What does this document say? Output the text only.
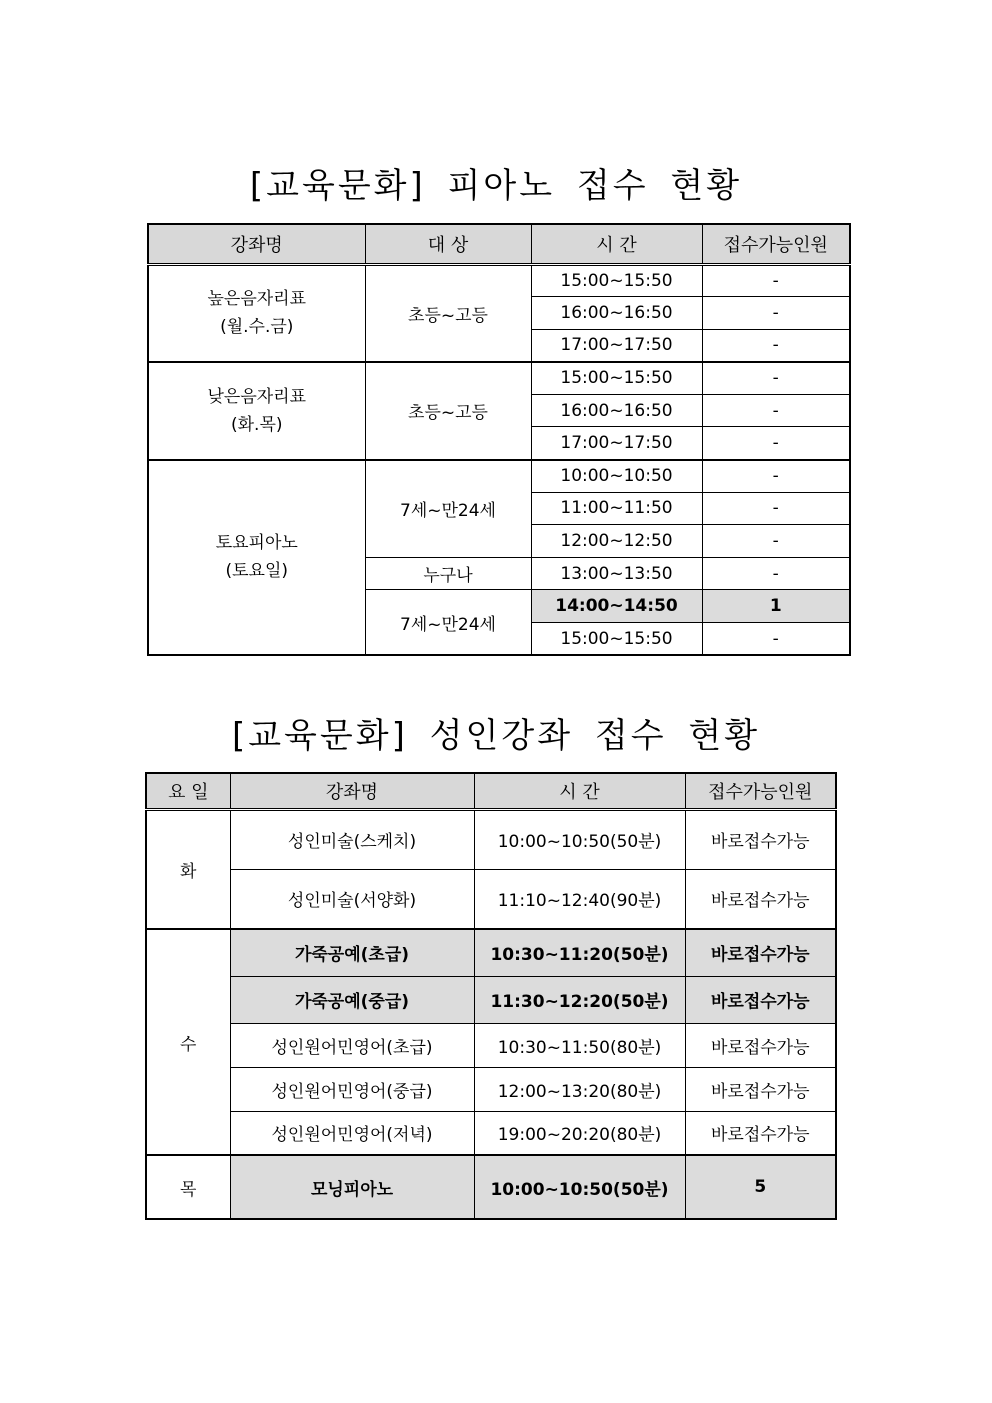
[교육문화] 피아노 접수 현황
강좌명	대 상	시 간	접수가능인원
높은음자리표
(월.수.금)	초등~고등	15:00~15:50	-
		16:00~16:50	-
		17:00~17:50	-
낮은음자리표
(화.목)	초등~고등	15:00~15:50	-
		16:00~16:50	-
		17:00~17:50	-
토요피아노
(토요일)	7세~만24세	10:00~10:50	-
		11:00~11:50	-
		12:00~12:50	-
	누구나	13:00~13:50	-
	7세~만24세	14:00~14:50	1
		15:00~15:50	-
[교육문화] 성인강좌 접수 현황
요 일	강좌명	시 간	접수가능인원
화	성인미술(스케치)	10:00~10:50(50분)	바로접수가능
	성인미술(서양화)	11:10~12:40(90분)	바로접수가능
수	가죽공예(초급)	10:30~11:20(50분)	바로접수가능
	가죽공예(중급)	11:30~12:20(50분)	바로접수가능
	성인원어민영어(초급)	10:30~11:50(80분)	바로접수가능
	성인원어민영어(중급)	12:00~13:20(80분)	바로접수가능
	성인원어민영어(저녁)	19:00~20:20(80분)	바로접수가능
목	모닝피아노	10:00~10:50(50분)	5
